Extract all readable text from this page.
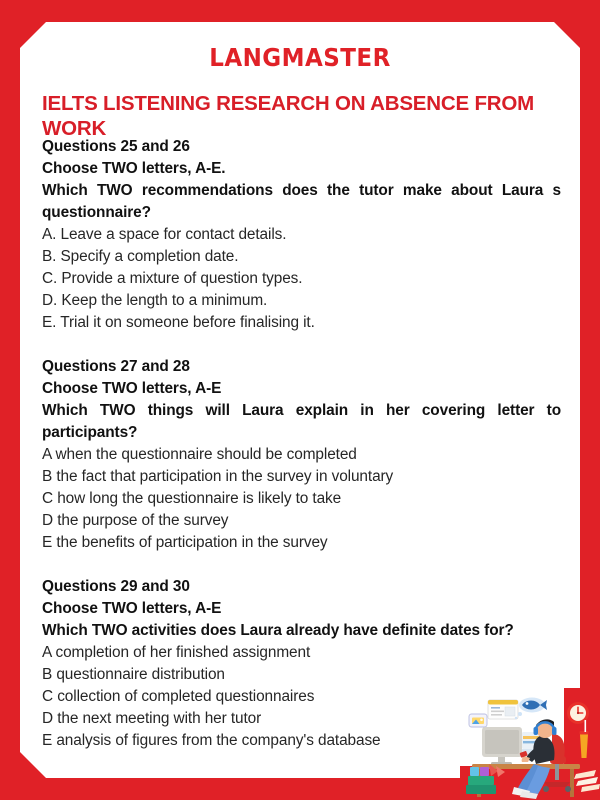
LANGMASTER
IELTS LISTENING RESEARCH ON ABSENCE FROM WORK
Questions 25 and 26
Choose TWO letters, A-E.
Which TWO recommendations does the tutor make about Laura s questionnaire?
A. Leave a space for contact details.
B. Specify a completion date.
C. Provide a mixture of question types.
D. Keep the length to a minimum.
E. Trial it on someone before finalising it.
Questions 27 and 28
Choose TWO letters, A-E
Which TWO things will Laura explain in her covering letter to participants?
A when the questionnaire should be completed
B the fact that participation in the survey in voluntary
C how long the questionnaire is likely to take
D the purpose of the survey
E the benefits of participation in the survey
Questions 29 and 30
Choose TWO letters, A-E
Which TWO activities does Laura already have definite dates for?
A completion of her finished assignment
B questionnaire distribution
C collection of completed questionnaires
D the next meeting with her tutor
E analysis of figures from the company's database
